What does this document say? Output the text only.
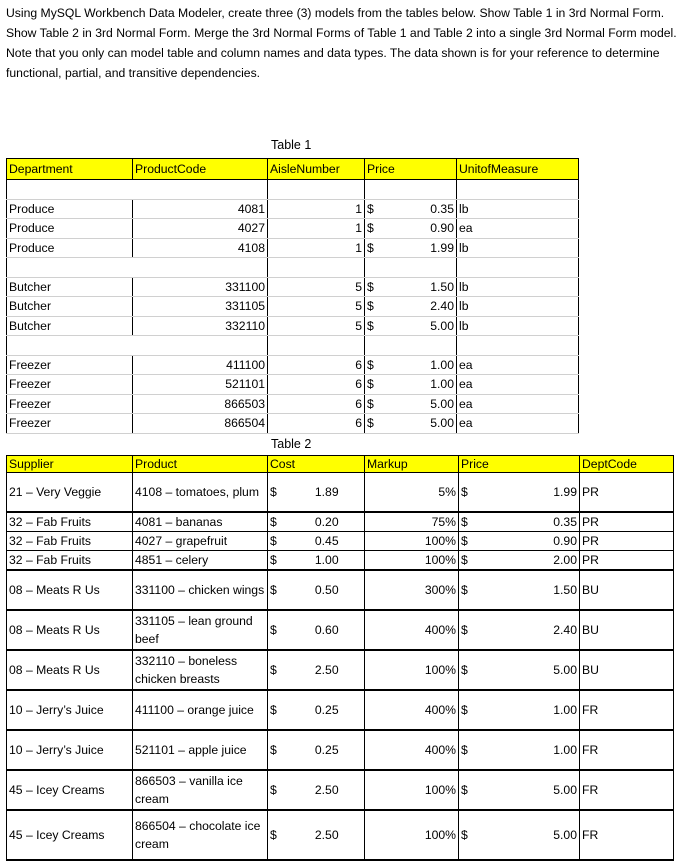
Using MySQL Workbench Data Modeler, create three (3) models from the tables below. Show Table 1 in 3rd Normal Form. Show Table 2 in 3rd Normal Form. Merge the 3rd Normal Forms of Table 1 and Table 2 into a single 3rd Normal Form model. Note that you only can model table and column names and data types. The data shown is for your reference to determine functional, partial, and transitive dependencies.
Table 1
Department	ProductCode	AisleNumber	Price		UnitofMeasure

Produce	4081	1	$	0.35	lb
Produce	4027	1	$	0.90	ea
Produce	4108	1	$	1.99	lb

Butcher	331100	5	$	1.50	lb
Butcher	331105	5	$	2.40	lb
Butcher	332110	5	$	5.00	lb

Freezer	411100	6	$	1.00	ea
Freezer	521101	6	$	1.00	ea
Freezer	866503	6	$	5.00	ea
Freezer	866504	6	$	5.00	ea
Table 2
Supplier	Product	Cost		Markup	Price		DeptCode
21 – Very Veggie	4108 – tomatoes, plum	$	1.89	5%	$	1.99	PR
32 – Fab Fruits	4081 – bananas	$	0.20	75%	$	0.35	PR
32 – Fab Fruits	4027 – grapefruit	$	0.45	100%	$	0.90	PR
32 – Fab Fruits	4851 – celery	$	1.00	100%	$	2.00	PR
08 – Meats R Us	331100 – chicken wings	$	0.50	300%	$	1.50	BU
08 – Meats R Us	331105 – lean ground beef	$	0.60	400%	$	2.40	BU
08 – Meats R Us	332110 – boneless chicken breasts	$	2.50	100%	$	5.00	BU
10 – Jerry’s Juice	411100 – orange juice	$	0.25	400%	$	1.00	FR
10 – Jerry’s Juice	521101 – apple juice	$	0.25	400%	$	1.00	FR
45 – Icey Creams	866503 – vanilla ice cream	$	2.50	100%	$	5.00	FR
45 – Icey Creams	866504 – chocolate ice cream	$	2.50	100%	$	5.00	FR
